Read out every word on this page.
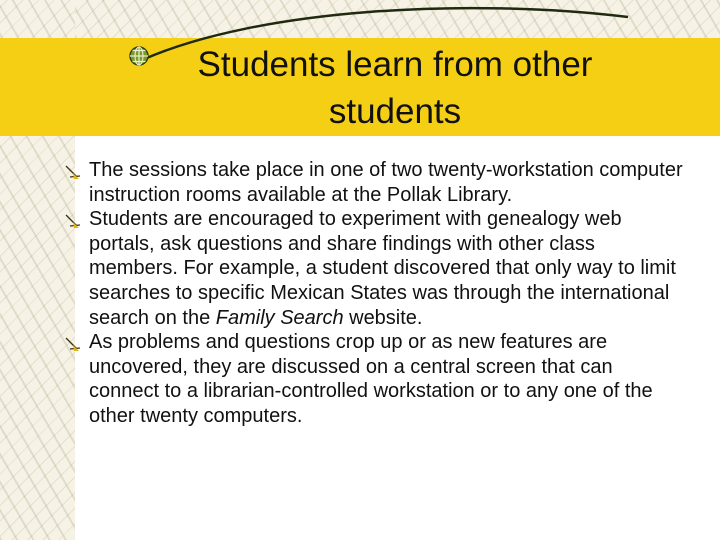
Students learn from other students
The sessions take place in one of two twenty-workstation computer instruction rooms available at the Pollak Library.
Students are encouraged to experiment with genealogy web portals, ask questions and share findings with other class members. For example, a student discovered that only way to limit searches to specific Mexican States was through the international search on the Family Search website.
As problems and questions crop up or as new features are uncovered, they are discussed on a central screen that can connect to a librarian-controlled workstation or to any one of the other twenty computers.
